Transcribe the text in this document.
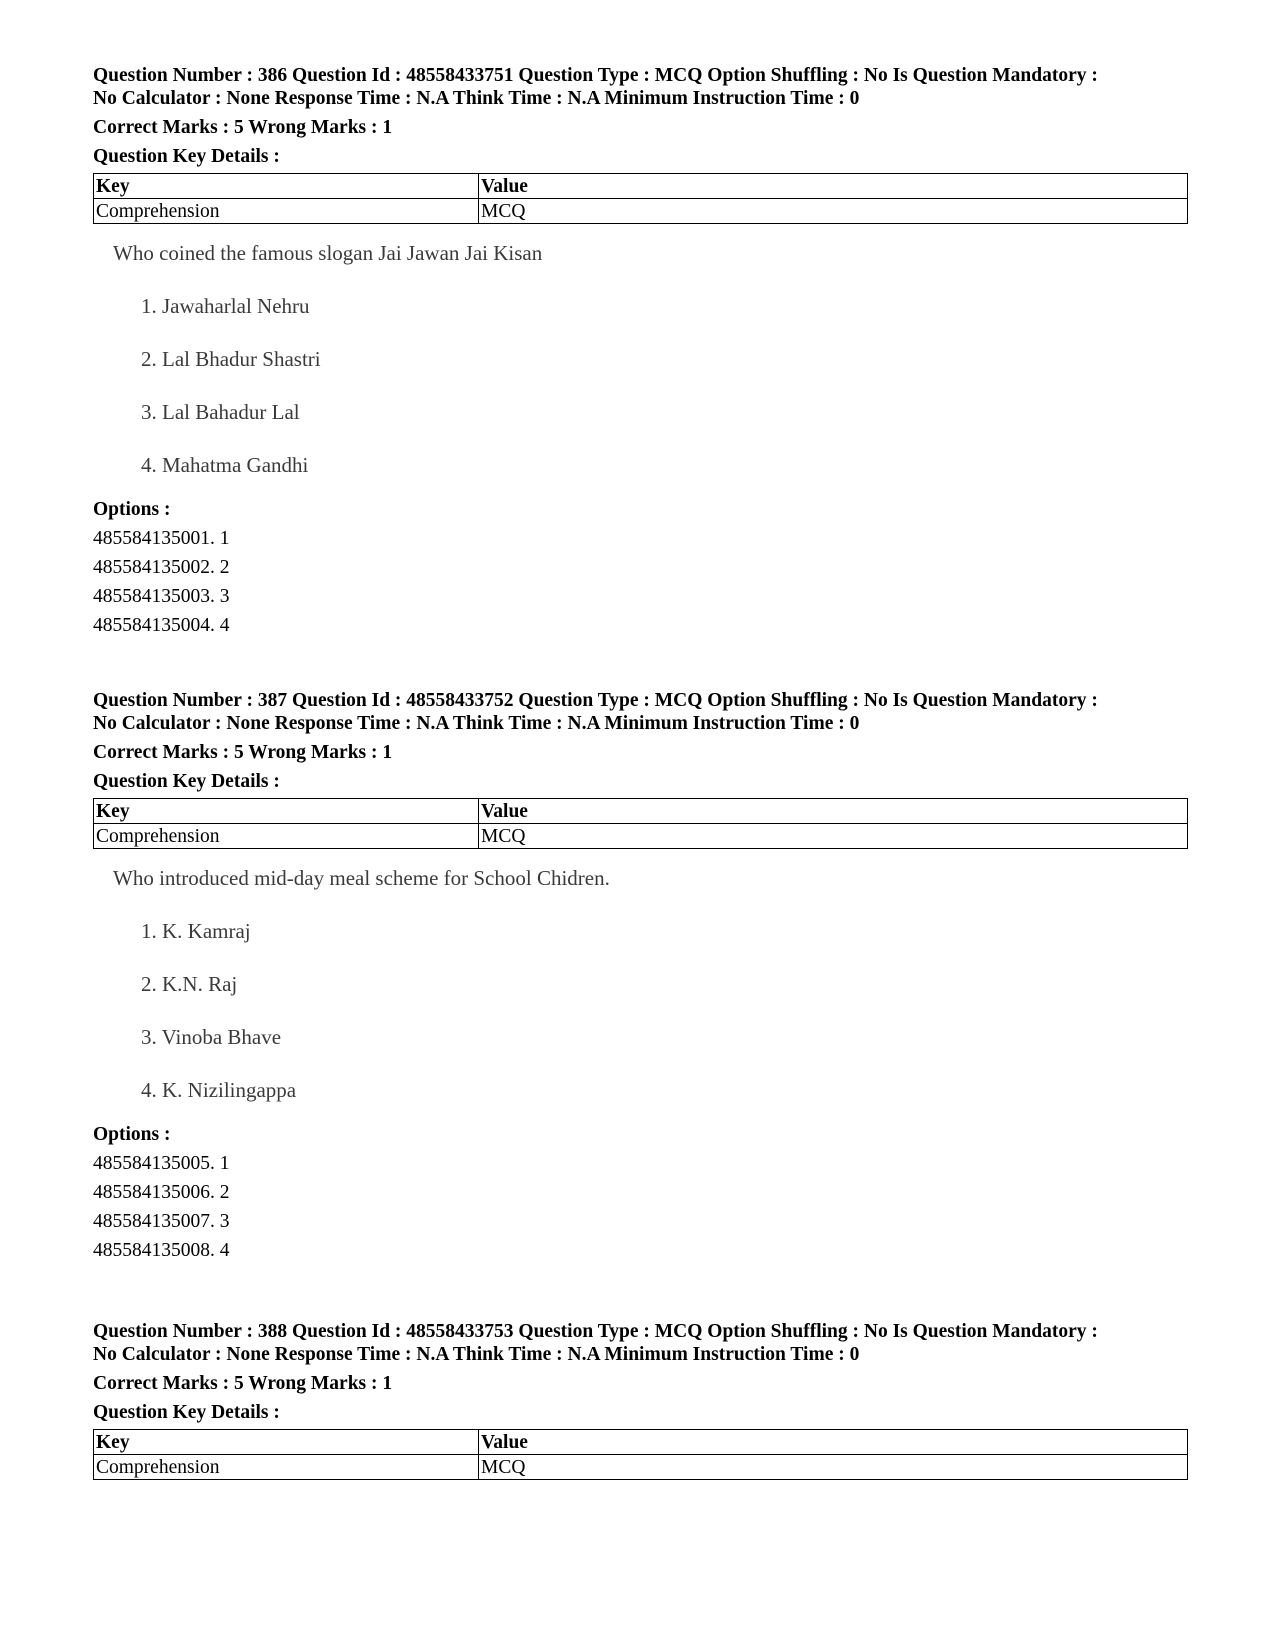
Question Number : 386 Question Id : 48558433751 Question Type : MCQ Option Shuffling : No Is Question Mandatory :

No Calculator : None Response Time : N.A Think Time : N.A Minimum Instruction Time : 0

Correct Marks : 5 Wrong Marks : 1
Question Key Details :
Key	Value
Comprehension	MCQ

Who coined the famous slogan Jai Jawan Jai Kisan

1. Jawaharlal Nehru
2. Lal Bhadur Shastri
3. Lal Bahadur Lal
4. Mahatma Gandhi
Options :
485584135001. 1
485584135002. 2
485584135003. 3
485584135004. 4

Question Number : 387 Question Id : 48558433752 Question Type : MCQ Option Shuffling : No Is Question Mandatory :

No Calculator : None Response Time : N.A Think Time : N.A Minimum Instruction Time : 0

Correct Marks : 5 Wrong Marks : 1
Question Key Details :
Key	Value
Comprehension	MCQ

Who introduced mid-day meal scheme for School Chidren.

1. K. Kamraj
2. K.N. Raj
3. Vinoba Bhave
4. K. Nizilingappa
Options :
485584135005. 1
485584135006. 2
485584135007. 3
485584135008. 4

Question Number : 388 Question Id : 48558433753 Question Type : MCQ Option Shuffling : No Is Question Mandatory :

No Calculator : None Response Time : N.A Think Time : N.A Minimum Instruction Time : 0

Correct Marks : 5 Wrong Marks : 1
Question Key Details :
Key	Value
Comprehension	MCQ
